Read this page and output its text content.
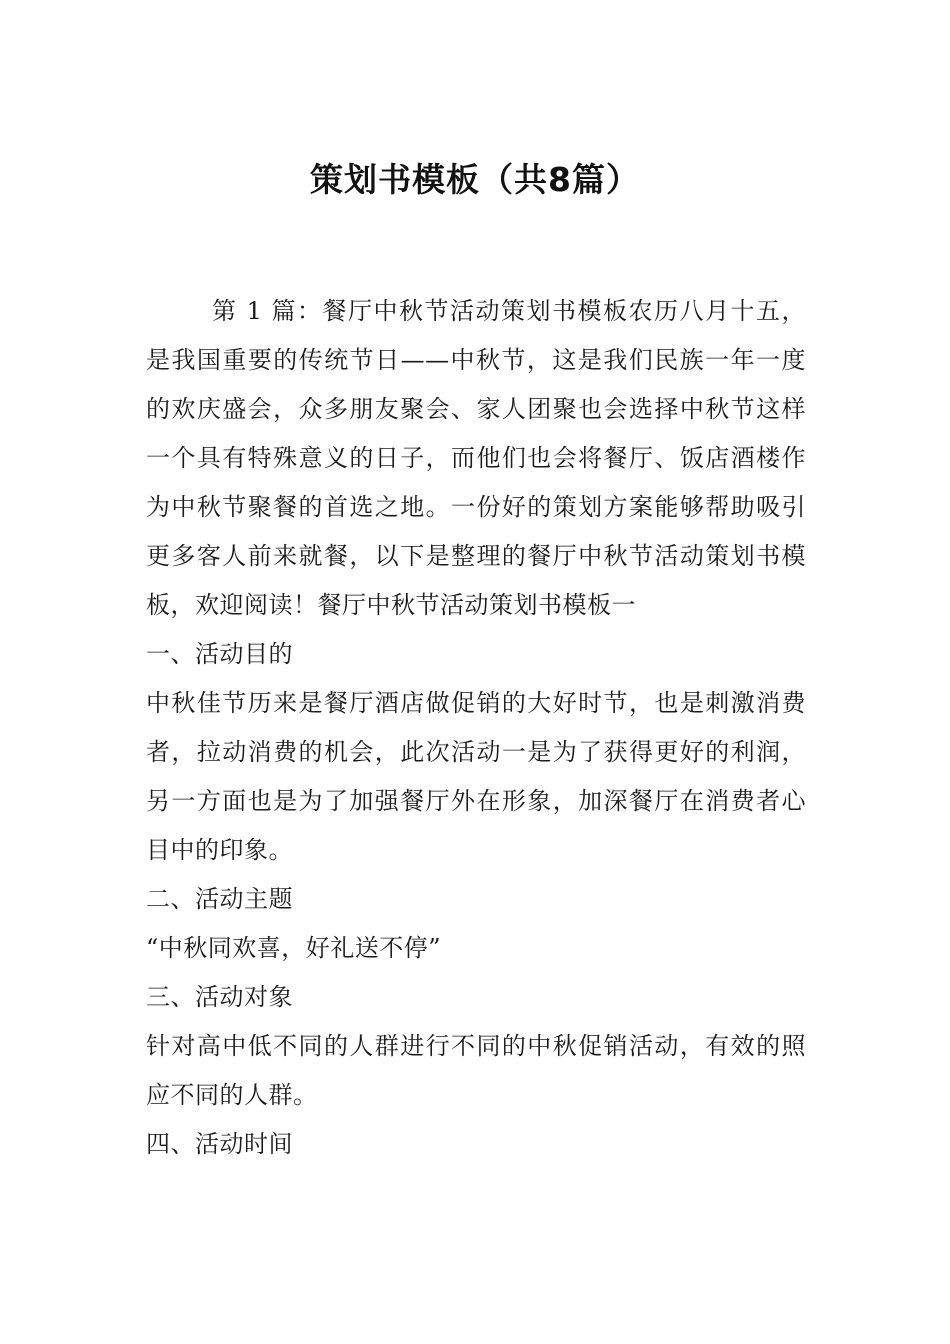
策划书模板（共8篇）

第 1 篇：餐厅中秋节活动策划书模板农历八月十五，是我国重要的传统节日——中秋节，这是我们民族一年一度的欢庆盛会，众多朋友聚会、家人团聚也会选择中秋节这样一个具有特殊意义的日子，而他们也会将餐厅、饭店酒楼作为中秋节聚餐的首选之地。一份好的策划方案能够帮助吸引更多客人前来就餐，以下是整理的餐厅中秋节活动策划书模板，欢迎阅读！餐厅中秋节活动策划书模板一

一、活动目的

中秋佳节历来是餐厅酒店做促销的大好时节，也是刺激消费者，拉动消费的机会，此次活动一是为了获得更好的利润，另一方面也是为了加强餐厅外在形象，加深餐厅在消费者心目中的印象。

二、活动主题

“中秋同欢喜，好礼送不停”

三、活动对象

针对高中低不同的人群进行不同的中秋促销活动，有效的照应不同的人群。

四、活动时间
